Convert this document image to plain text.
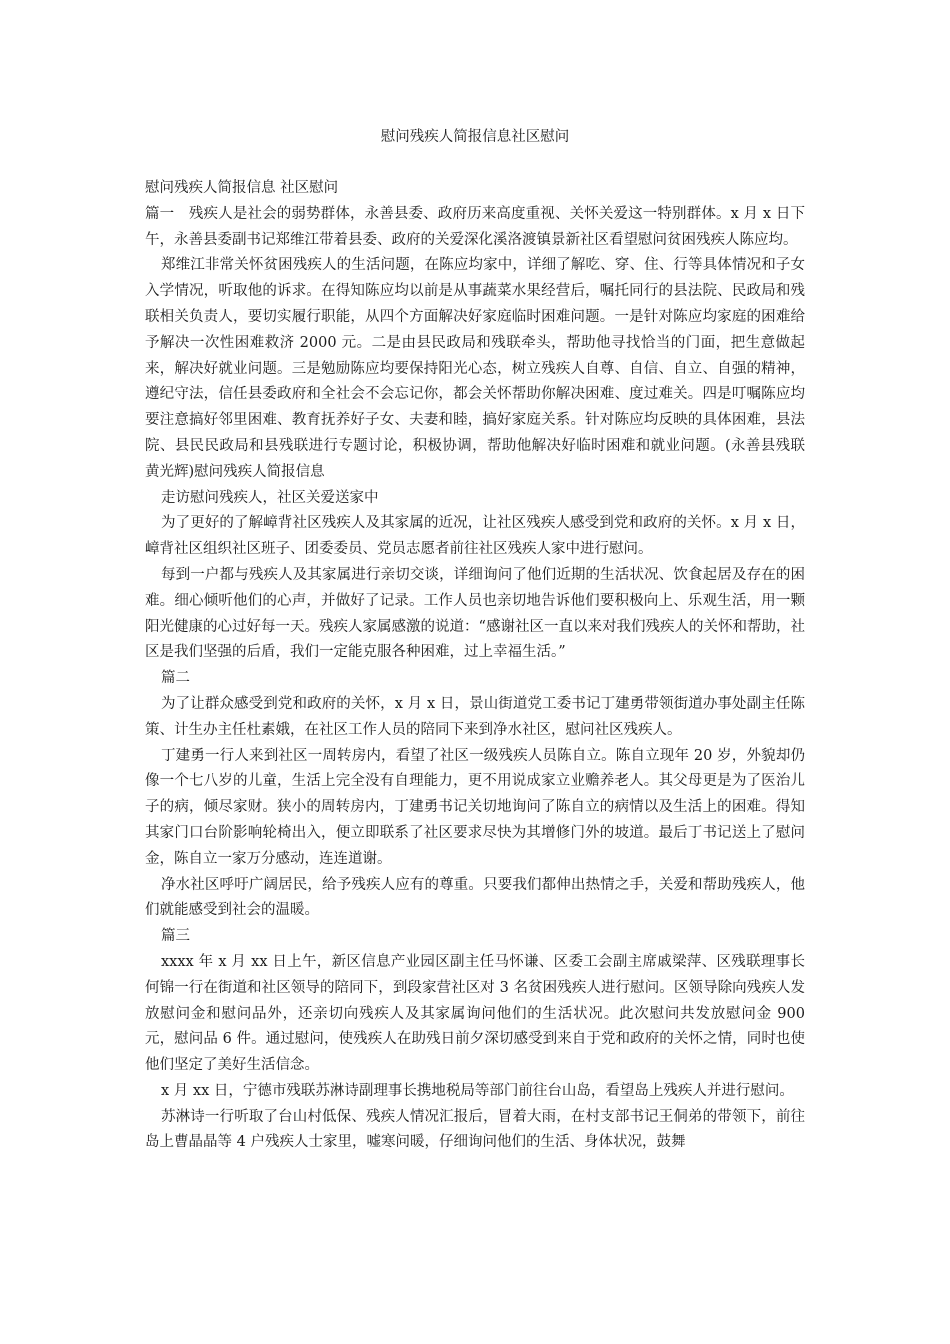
慰问残疾人简报信息社区慰问

慰问残疾人简报信息 社区慰问

篇一　残疾人是社会的弱势群体，永善县委、政府历来高度重视、关怀关爱这一特别群体。x 月 x 日下午，永善县委副书记郑维江带着县委、政府的关爱深化溪洛渡镇景新社区看望慰问贫困残疾人陈应均。

郑维江非常关怀贫困残疾人的生活问题，在陈应均家中，详细了解吃、穿、住、行等具体情况和子女入学情况，听取他的诉求。在得知陈应均以前是从事蔬菜水果经营后，嘱托同行的县法院、民政局和残联相关负责人，要切实履行职能，从四个方面解决好家庭临时困难问题。一是针对陈应均家庭的困难给予解决一次性困难救济 2000 元。二是由县民政局和残联牵头，帮助他寻找恰当的门面，把生意做起来，解决好就业问题。三是勉励陈应均要保持阳光心态，树立残疾人自尊、自信、自立、自强的精神，遵纪守法，信任县委政府和全社会不会忘记你，都会关怀帮助你解决困难、度过难关。四是叮嘱陈应均要注意搞好邻里困难、教育抚养好子女、夫妻和睦，搞好家庭关系。针对陈应均反映的具体困难，县法院、县民民政局和县残联进行专题讨论，积极协调，帮助他解决好临时困难和就业问题。(永善县残联 黄光辉)慰问残疾人简报信息

走访慰问残疾人，社区关爱送家中

为了更好的了解嶂背社区残疾人及其家属的近况，让社区残疾人感受到党和政府的关怀。x 月 x 日，嶂背社区组织社区班子、团委委员、党员志愿者前往社区残疾人家中进行慰问。

每到一户都与残疾人及其家属进行亲切交谈，详细询问了他们近期的生活状况、饮食起居及存在的困难。细心倾听他们的心声，并做好了记录。工作人员也亲切地告诉他们要积极向上、乐观生活，用一颗阳光健康的心过好每一天。残疾人家属感激的说道：“感谢社区一直以来对我们残疾人的关怀和帮助，社区是我们坚强的后盾，我们一定能克服各种困难，过上幸福生活。”

篇二

为了让群众感受到党和政府的关怀，x 月 x 日，景山街道党工委书记丁建勇带领街道办事处副主任陈策、计生办主任杜素娥，在社区工作人员的陪同下来到净水社区，慰问社区残疾人。

丁建勇一行人来到社区一周转房内，看望了社区一级残疾人员陈自立。陈自立现年 20 岁，外貌却仍像一个七八岁的儿童，生活上完全没有自理能力，更不用说成家立业赡养老人。其父母更是为了医治儿子的病，倾尽家财。狭小的周转房内，丁建勇书记关切地询问了陈自立的病情以及生活上的困难。得知其家门口台阶影响轮椅出入，便立即联系了社区要求尽快为其增修门外的坡道。最后丁书记送上了慰问金，陈自立一家万分感动，连连道谢。

净水社区呼吁广阔居民，给予残疾人应有的尊重。只要我们都伸出热情之手，关爱和帮助残疾人，他们就能感受到社会的温暖。

篇三

xxxx 年 x 月 xx 日上午，新区信息产业园区副主任马怀谦、区委工会副主席戚梁萍、区残联理事长何锦一行在街道和社区领导的陪同下，到段家营社区对 3 名贫困残疾人进行慰问。区领导除向残疾人发放慰问金和慰问品外，还亲切向残疾人及其家属询问他们的生活状况。此次慰问共发放慰问金 900 元，慰问品 6 件。通过慰问，使残疾人在助残日前夕深切感受到来自于党和政府的关怀之情，同时也使他们坚定了美好生活信念。

x 月 xx 日，宁德市残联苏淋诗副理事长携地税局等部门前往台山岛，看望岛上残疾人并进行慰问。

苏淋诗一行听取了台山村低保、残疾人情况汇报后，冒着大雨，在村支部书记王侗弟的带领下，前往岛上曹晶晶等 4 户残疾人士家里，嘘寒问暖，仔细询问他们的生活、身体状况，鼓舞
